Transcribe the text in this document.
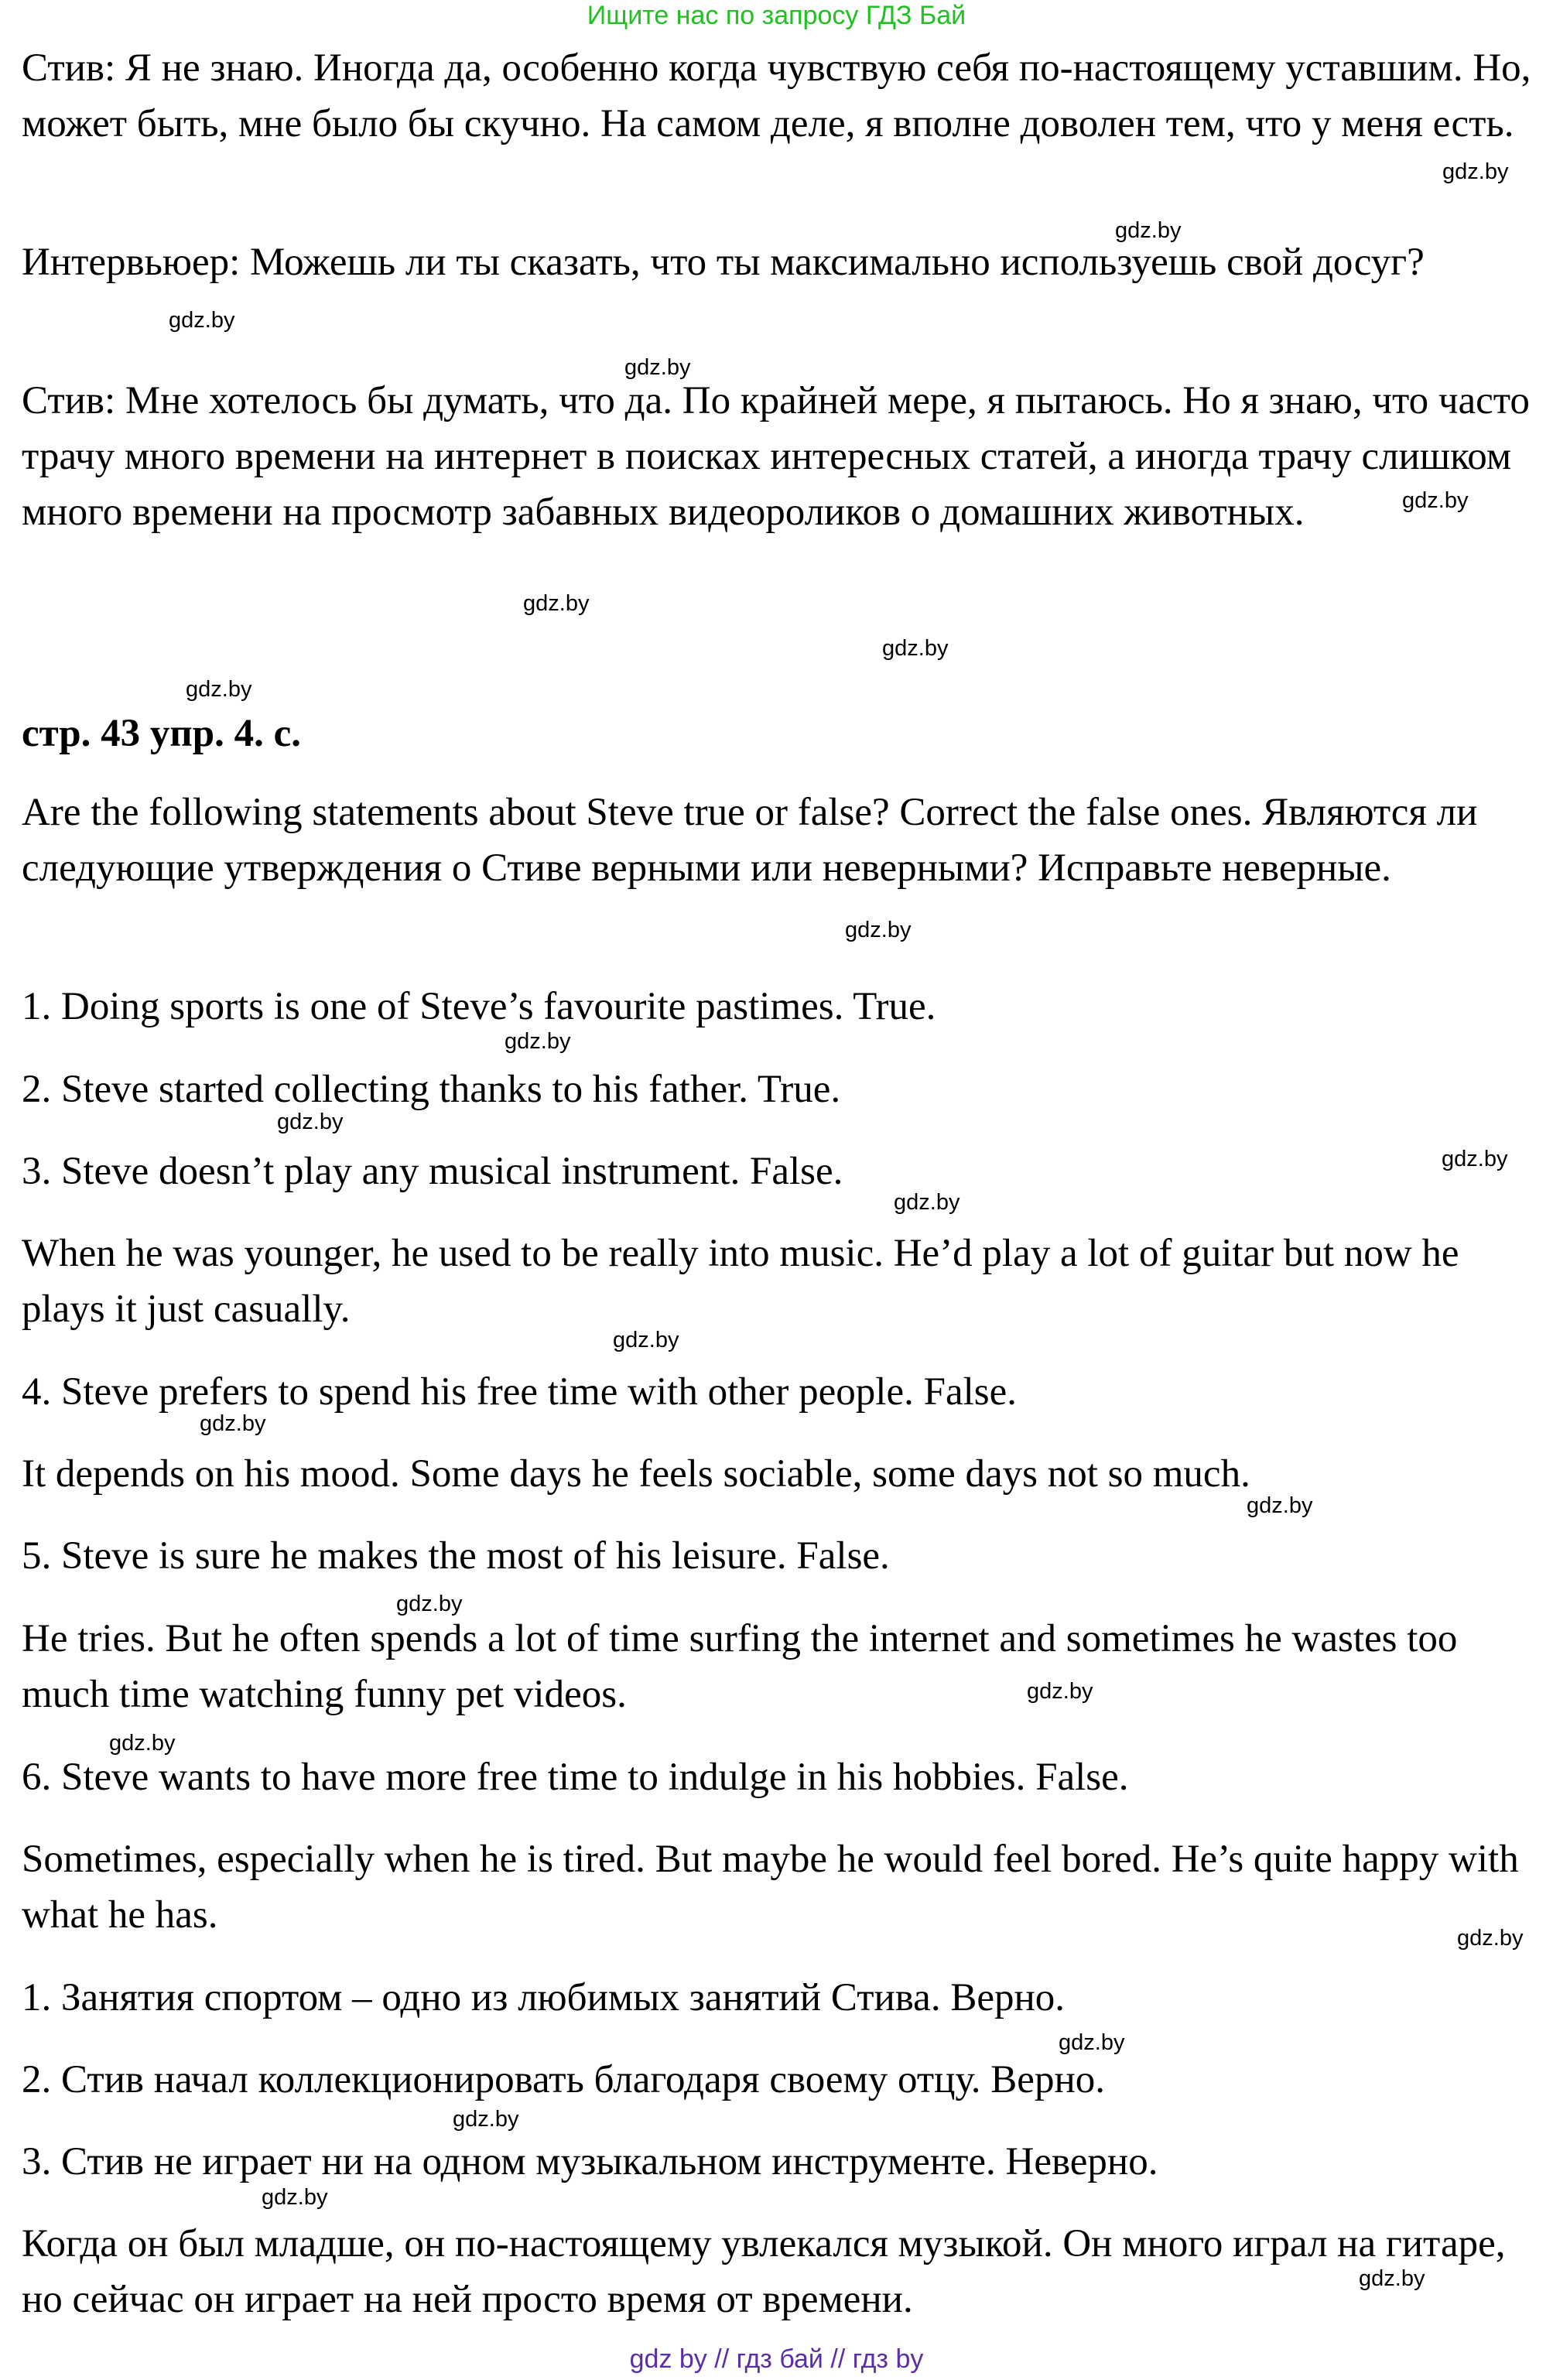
Ищите нас по запросу ГДЗ Бай

Стив: Я не знаю. Иногда да, особенно когда чувствую себя по-настоящему уставшим. Но, может быть, мне было бы скучно. На самом деле, я вполне доволен тем, что у меня есть.

Интервьюер: Можешь ли ты сказать, что ты максимально используешь свой досуг?

Стив: Мне хотелось бы думать, что да. По крайней мере, я пытаюсь. Но я знаю, что часто трачу много времени на интернет в поисках интересных статей, а иногда трачу слишком много времени на просмотр забавных видеороликов о домашних животных.

стр. 43 упр. 4. с.

Are the following statements about Steve true or false? Correct the false ones. Являются ли следующие утверждения о Стиве верными или неверными? Исправьте неверные.

1. Doing sports is one of Steve’s favourite pastimes. True.

2. Steve started collecting thanks to his father. True.

3. Steve doesn’t play any musical instrument. False.

When he was younger, he used to be really into music. He’d play a lot of guitar but now he plays it just casually.

4. Steve prefers to spend his free time with other people. False.

It depends on his mood. Some days he feels sociable, some days not so much.

5. Steve is sure he makes the most of his leisure. False.

He tries. But he often spends a lot of time surfing the internet and sometimes he wastes too much time watching funny pet videos.

6. Steve wants to have more free time to indulge in his hobbies. False.

Sometimes, especially when he is tired. But maybe he would feel bored. He’s quite happy with what he has.

1. Занятия спортом – одно из любимых занятий Стива. Верно.

2. Стив начал коллекционировать благодаря своему отцу. Верно.

3. Стив не играет ни на одном музыкальном инструменте. Неверно.

Когда он был младше, он по-настоящему увлекался музыкой. Он много играл на гитаре, но сейчас он играет на ней просто время от времени.

gdz.by
gdz.by
gdz.by
gdz.by
gdz.by
gdz.by
gdz.by
gdz.by
gdz.by
gdz.by
gdz.by
gdz.by
gdz.by
gdz.by
gdz.by
gdz.by
gdz.by
gdz.by
gdz.by
gdz.by
gdz.by
gdz.by
gdz.by
gdz.by
gdz by // гдз бай // гдз by
